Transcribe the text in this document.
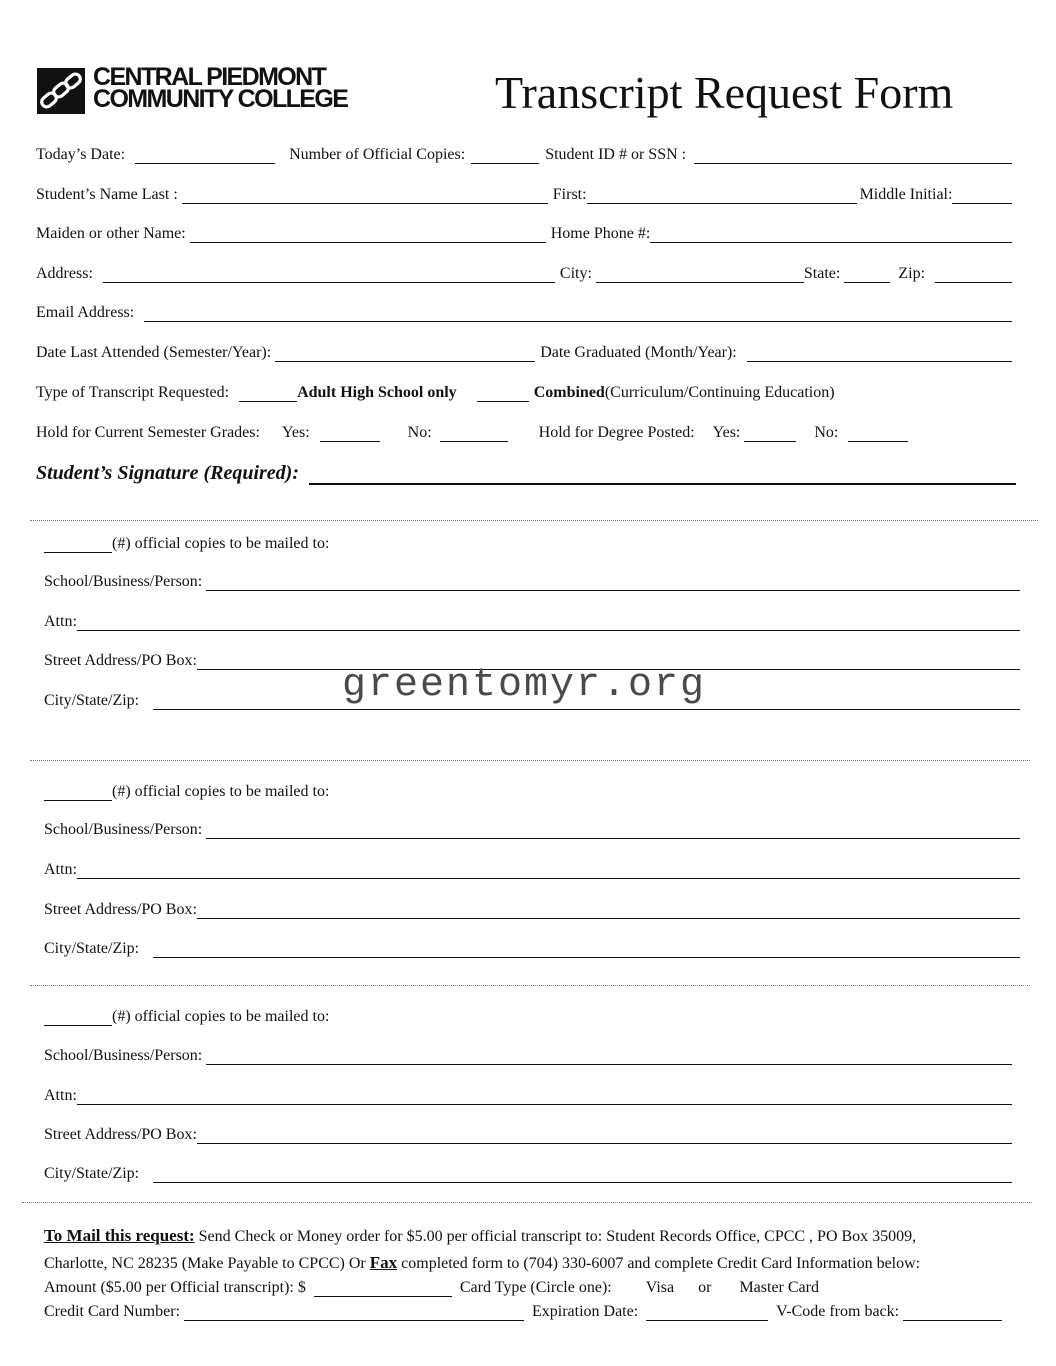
CENTRAL PIEDMONT
COMMUNITY COLLEGE	Transcript Request Form
Today’s Date:	Number of Official Copies:	Student ID # or SSN :
Student’s Name Last :	First:	Middle Initial:
Maiden or other Name:	Home Phone #:
Address:	City:	State:	Zip:
Email Address:
Date Last Attended (Semester/Year):	Date Graduated (Month/Year):
Type of Transcript Requested:	Adult High School only	Combined (Curriculum/Continuing Education)
Hold for Current Semester Grades: Yes:	No:	Hold for Degree Posted: Yes:	No:
Student’s Signature (Required):
(#) official copies to be mailed to:
School/Business/Person:
Attn:
Street Address/PO Box:
City/State/Zip:	greentomyr.org
(#) official copies to be mailed to:
School/Business/Person:
Attn:
Street Address/PO Box:
City/State/Zip:
(#) official copies to be mailed to:
School/Business/Person:
Attn:
Street Address/PO Box:
City/State/Zip:
To Mail this request: Send Check or Money order for $5.00 per official transcript to: Student Records Office, CPCC , PO Box 35009,
Charlotte, NC 28235 (Make Payable to CPCC) Or Fax completed form to (704) 330-6007 and complete Credit Card Information below:
Amount ($5.00 per Official transcript): $	Card Type (Circle one): Visa or Master Card
Credit Card Number:	Expiration Date:	V-Code from back:
